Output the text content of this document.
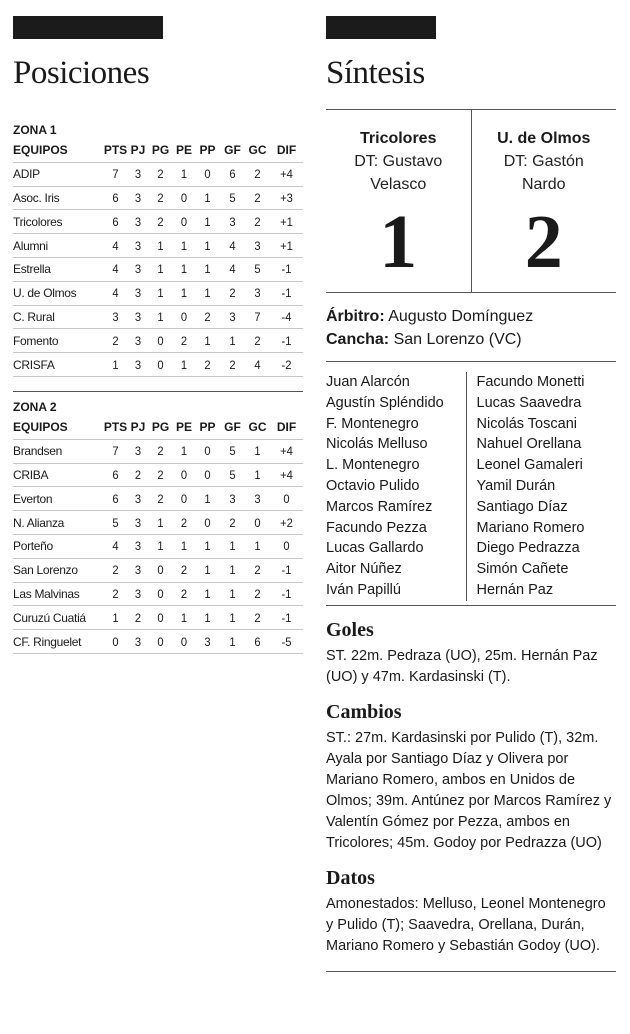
Posiciones
ZONA 1
EQUIPOS	PTS	PJ	PG	PE	PP	GF	GC	DIF
ADIP	7	3	2	1	0	6	2	+4
Asoc. Iris	6	3	2	0	1	5	2	+3
Tricolores	6	3	2	0	1	3	2	+1
Alumni	4	3	1	1	1	4	3	+1
Estrella	4	3	1	1	1	4	5	-1
U. de Olmos	4	3	1	1	1	2	3	-1
C. Rural	3	3	1	0	2	3	7	-4
Fomento	2	3	0	2	1	1	2	-1
CRISFA	1	3	0	1	2	2	4	-2
ZONA 2
EQUIPOS	PTS	PJ	PG	PE	PP	GF	GC	DIF
Brandsen	7	3	2	1	0	5	1	+4
CRIBA	6	2	2	0	0	5	1	+4
Everton	6	3	2	0	1	3	3	0
N. Alianza	5	3	1	2	0	2	0	+2
Porteño	4	3	1	1	1	1	1	0
San Lorenzo	2	3	0	2	1	1	2	-1
Las Malvinas	2	3	0	2	1	1	2	-1
Curuzú Cuatiá	1	2	0	1	1	1	2	-1
CF. Ringuelet	0	3	0	0	3	1	6	-5
Síntesis
Tricolores
DT: Gustavo Velasco
1
U. de Olmos
DT: Gastón Nardo
2
Árbitro: Augusto Domínguez
Cancha: San Lorenzo (VC)
Juan Alarcón
Agustín Spléndido
F. Montenegro
Nicolás Melluso
L. Montenegro
Octavio Pulido
Marcos Ramírez
Facundo Pezza
Lucas Gallardo
Aitor Núñez
Iván Papillú
Facundo Monetti
Lucas Saavedra
Nicolás Toscani
Nahuel Orellana
Leonel Gamaleri
Yamil Durán
Santiago Díaz
Mariano Romero
Diego Pedrazza
Simón Cañete
Hernán Paz
Goles
ST. 22m. Pedraza (UO), 25m. Hernán Paz (UO) y 47m. Kardasinski (T).
Cambios
ST.: 27m. Kardasinski por Pulido (T), 32m. Ayala por Santiago Díaz y Olivera por Mariano Romero, ambos en Unidos de Olmos; 39m. Antúnez por Marcos Ramírez y Valentín Gómez por Pezza, ambos en Tricolores; 45m. Godoy por Pedrazza (UO)
Datos
Amonestados: Melluso, Leonel Montenegro y Pulido (T); Saavedra, Orellana, Durán, Mariano Romero y Sebastián Godoy (UO).
